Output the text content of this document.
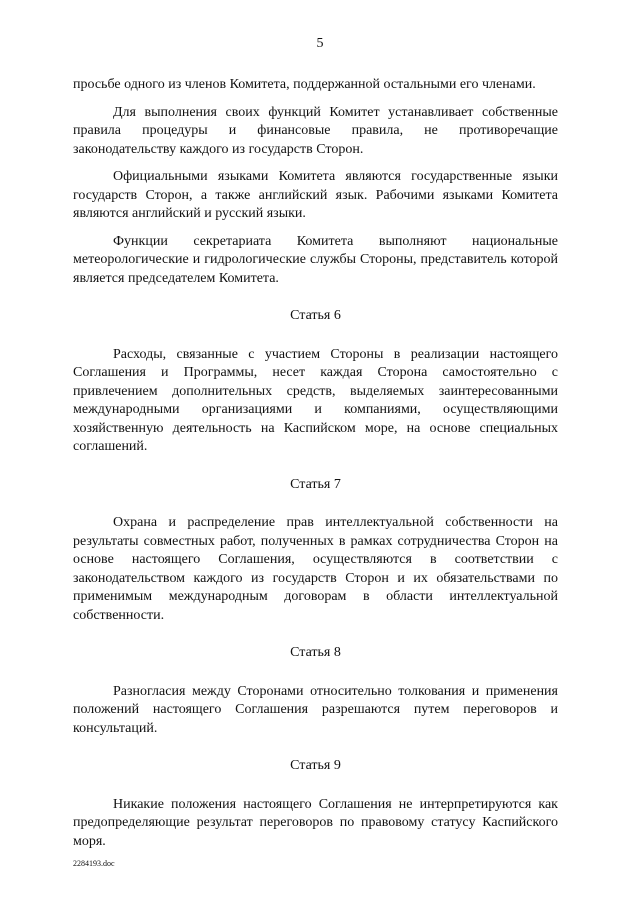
5

просьбе одного из членов Комитета, поддержанной остальными его членами.

Для выполнения своих функций Комитет устанавливает собственные правила процедуры и финансовые правила, не противоречащие законодательству каждого из государств Сторон.

Официальными языками Комитета являются государственные языки государств Сторон, а также английский язык. Рабочими языками Комитета являются английский и русский языки.

Функции секретариата Комитета выполняют национальные метеорологические и гидрологические службы Стороны, представитель которой является председателем Комитета.

Статья 6

Расходы, связанные с участием Стороны в реализации настоящего Соглашения и Программы, несет каждая Сторона самостоятельно с привлечением дополнительных средств, выделяемых заинтересованными международными организациями и компаниями, осуществляющими хозяйственную деятельность на Каспийском море, на основе специальных соглашений.

Статья 7

Охрана и распределение прав интеллектуальной собственности на результаты совместных работ, полученных в рамках сотрудничества Сторон на основе настоящего Соглашения, осуществляются в соответствии с законодательством каждого из государств Сторон и их обязательствами по применимым международным договорам в области интеллектуальной собственности.

Статья 8

Разногласия между Сторонами относительно толкования и применения положений настоящего Соглашения разрешаются путем переговоров и консультаций.

Статья 9

Никакие положения настоящего Соглашения не интерпретируются как предопределяющие результат переговоров по правовому статусу Каспийского моря.

2284193.doc
